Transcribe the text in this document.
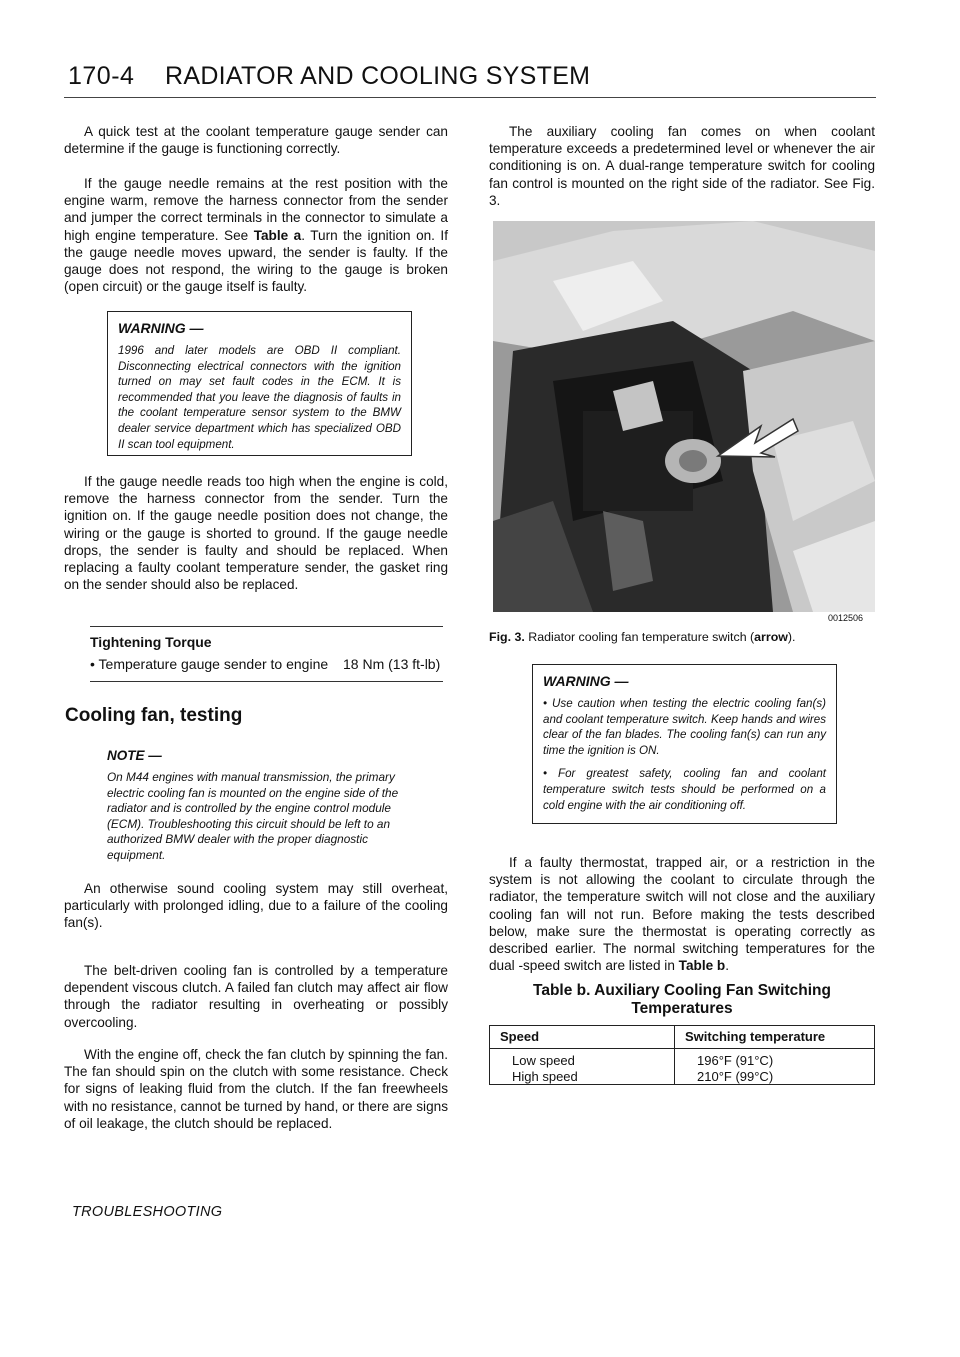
170-4 RADIATOR AND COOLING SYSTEM

A quick test at the coolant temperature gauge sender can determine if the gauge is functioning correctly.

If the gauge needle remains at the rest position with the engine warm, remove the harness connector from the sender and jumper the correct terminals in the connector to simulate a high engine temperature. See Table a. Turn the ignition on. If the gauge needle moves upward, the sender is faulty. If the gauge does not respond, the wiring to the gauge is broken (open circuit) or the gauge itself is faulty.

WARNING —

1996 and later models are OBD II compliant. Disconnecting electrical connectors with the ignition turned on may set fault codes in the ECM. It is recommended that you leave the diagnosis of faults in the coolant temperature sensor system to the BMW dealer service department which has specialized OBD II scan tool equipment.

If the gauge needle reads too high when the engine is cold, remove the harness connector from the sender. Turn the ignition on. If the gauge needle position does not change, the wiring or the gauge is shorted to ground. If the gauge needle drops, the sender is faulty and should be replaced. When replacing a faulty coolant temperature sender, the gasket ring on the sender should also be replaced.

Tightening Torque
• Temperature gauge sender to engine 18 Nm (13 ft-lb)
Cooling fan, testing
NOTE —

On M44 engines with manual transmission, the primary electric cooling fan is mounted on the engine side of the radiator and is controlled by the engine control module (ECM). Troubleshooting this circuit should be left to an authorized BMW dealer with the proper diagnostic equipment.

An otherwise sound cooling system may still overheat, particularly with prolonged idling, due to a failure of the cooling fan(s).

The belt-driven cooling fan is controlled by a temperature dependent viscous clutch. A failed fan clutch may affect air flow through the radiator resulting in overheating or possibly overcooling.

With the engine off, check the fan clutch by spinning the fan. The fan should spin on the clutch with some resistance. Check for signs of leaking fluid from the clutch. If the fan freewheels with no resistance, cannot be turned by hand, or there are signs of oil leakage, the clutch should be replaced.

The auxiliary cooling fan comes on when coolant temperature exceeds a predetermined level or whenever the air conditioning is on. A dual-range temperature switch for cooling fan control is mounted on the right side of the radiator. See Fig. 3.

0012506
Fig. 3. Radiator cooling fan temperature switch (arrow).
WARNING —

• Use caution when testing the electric cooling fan(s) and coolant temperature switch. Keep hands and wires clear of the fan blades. The cooling fan(s) can run any time the ignition is ON.

• For greatest safety, cooling fan and coolant temperature switch tests should be performed on a cold engine with the air conditioning off.

If a faulty thermostat, trapped air, or a restriction in the system is not allowing the coolant to circulate through the radiator, the temperature switch will not close and the auxiliary cooling fan will not run. Before making the tests described below, make sure the thermostat is operating correctly as described earlier. The normal switching temperatures for the dual -speed switch are listed in Table b.

Table b. Auxiliary Cooling Fan Switching
Temperatures
Speed	Switching temperature
Low speed	196°F (91°C)
High speed	210°F (99°C)
TROUBLESHOOTING
